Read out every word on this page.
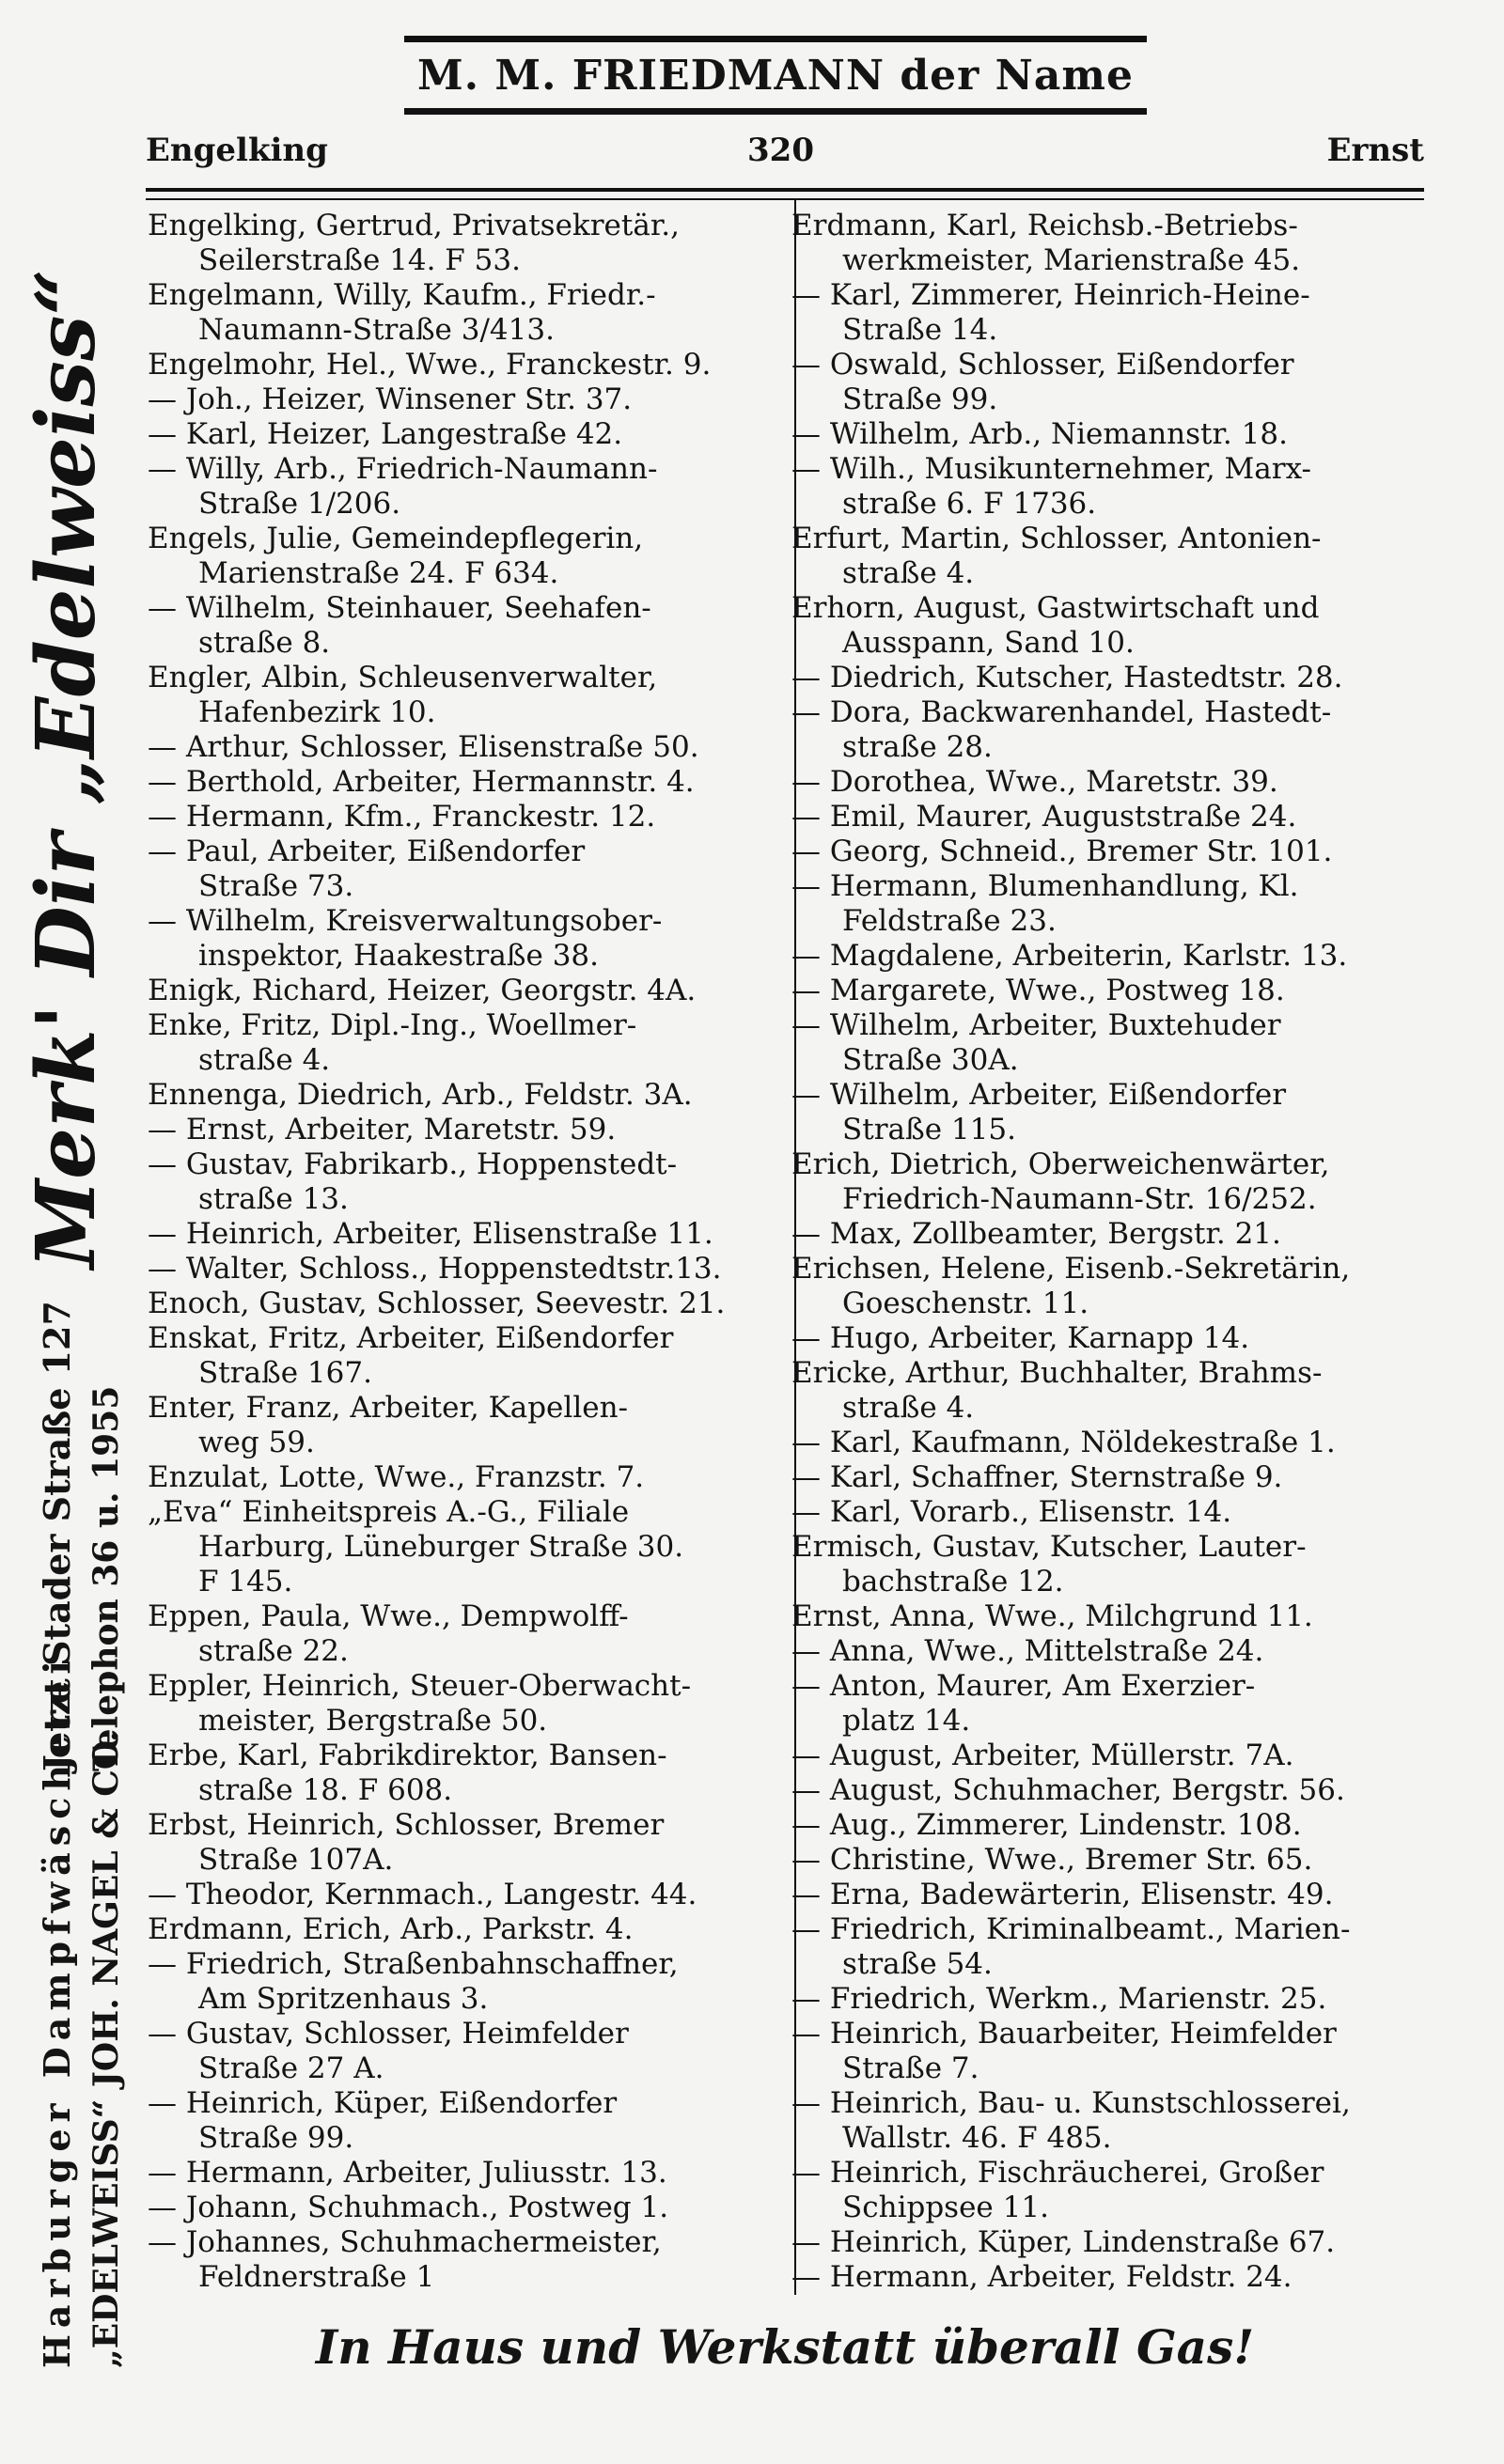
M. M. FRIEDMANN der Name
Engelking	320	Ernst
Merk' Dir „Edelweiss“
Jetzt Stader Straße 127 Telephon 36 u. 1955
Harburger Dampfwäscherei „EDELWEISS“ JOH. NAGEL & CO.
Engelking, Gertrud, Privatsekretär.,
Seilerstraße 14. F 53.
Engelmann, Willy, Kaufm., Friedr.-
Naumann-Straße 3/413.
Engelmohr, Hel., Wwe., Franckestr. 9.
— Joh., Heizer, Winsener Str. 37.
— Karl, Heizer, Langestraße 42.
— Willy, Arb., Friedrich-Naumann-
Straße 1/206.
Engels, Julie, Gemeindepflegerin,
Marienstraße 24. F 634.
— Wilhelm, Steinhauer, Seehafen-
straße 8.
Engler, Albin, Schleusenverwalter,
Hafenbezirk 10.
— Arthur, Schlosser, Elisenstraße 50.
— Berthold, Arbeiter, Hermannstr. 4.
— Hermann, Kfm., Franckestr. 12.
— Paul, Arbeiter, Eißendorfer
Straße 73.
— Wilhelm, Kreisverwaltungsober-
inspektor, Haakestraße 38.
Enigk, Richard, Heizer, Georgstr. 4A.
Enke, Fritz, Dipl.-Ing., Woellmer-
straße 4.
Ennenga, Diedrich, Arb., Feldstr. 3A.
— Ernst, Arbeiter, Maretstr. 59.
— Gustav, Fabrikarb., Hoppenstedt-
straße 13.
— Heinrich, Arbeiter, Elisenstraße 11.
— Walter, Schloss., Hoppenstedtstr.13.
Enoch, Gustav, Schlosser, Seevestr. 21.
Enskat, Fritz, Arbeiter, Eißendorfer
Straße 167.
Enter, Franz, Arbeiter, Kapellen-
weg 59.
Enzulat, Lotte, Wwe., Franzstr. 7.
„Eva“ Einheitspreis A.-G., Filiale
Harburg, Lüneburger Straße 30.
F 145.
Eppen, Paula, Wwe., Dempwolff-
straße 22.
Eppler, Heinrich, Steuer-Oberwacht-
meister, Bergstraße 50.
Erbe, Karl, Fabrikdirektor, Bansen-
straße 18. F 608.
Erbst, Heinrich, Schlosser, Bremer
Straße 107A.
— Theodor, Kernmach., Langestr. 44.
Erdmann, Erich, Arb., Parkstr. 4.
— Friedrich, Straßenbahnschaffner,
Am Spritzenhaus 3.
— Gustav, Schlosser, Heimfelder
Straße 27 A.
— Heinrich, Küper, Eißendorfer
Straße 99.
— Hermann, Arbeiter, Juliusstr. 13.
— Johann, Schuhmach., Postweg 1.
— Johannes, Schuhmachermeister,
Feldnerstraße 1
Erdmann, Karl, Reichsb.-Betriebs-
werkmeister, Marienstraße 45.
— Karl, Zimmerer, Heinrich-Heine-
Straße 14.
— Oswald, Schlosser, Eißendorfer
Straße 99.
— Wilhelm, Arb., Niemannstr. 18.
— Wilh., Musikunternehmer, Marx-
straße 6. F 1736.
Erfurt, Martin, Schlosser, Antonien-
straße 4.
Erhorn, August, Gastwirtschaft und
Ausspann, Sand 10.
— Diedrich, Kutscher, Hastedtstr. 28.
— Dora, Backwarenhandel, Hastedt-
straße 28.
— Dorothea, Wwe., Maretstr. 39.
— Emil, Maurer, Auguststraße 24.
— Georg, Schneid., Bremer Str. 101.
— Hermann, Blumenhandlung, Kl.
Feldstraße 23.
— Magdalene, Arbeiterin, Karlstr. 13.
— Margarete, Wwe., Postweg 18.
— Wilhelm, Arbeiter, Buxtehuder
Straße 30A.
— Wilhelm, Arbeiter, Eißendorfer
Straße 115.
Erich, Dietrich, Oberweichenwärter,
Friedrich-Naumann-Str. 16/252.
— Max, Zollbeamter, Bergstr. 21.
Erichsen, Helene, Eisenb.-Sekretärin,
Goeschenstr. 11.
— Hugo, Arbeiter, Karnapp 14.
Ericke, Arthur, Buchhalter, Brahms-
straße 4.
— Karl, Kaufmann, Nöldekestraße 1.
— Karl, Schaffner, Sternstraße 9.
— Karl, Vorarb., Elisenstr. 14.
Ermisch, Gustav, Kutscher, Lauter-
bachstraße 12.
Ernst, Anna, Wwe., Milchgrund 11.
— Anna, Wwe., Mittelstraße 24.
— Anton, Maurer, Am Exerzier-
platz 14.
— August, Arbeiter, Müllerstr. 7A.
— August, Schuhmacher, Bergstr. 56.
— Aug., Zimmerer, Lindenstr. 108.
— Christine, Wwe., Bremer Str. 65.
— Erna, Badewärterin, Elisenstr. 49.
— Friedrich, Kriminalbeamt., Marien-
straße 54.
— Friedrich, Werkm., Marienstr. 25.
— Heinrich, Bauarbeiter, Heimfelder
Straße 7.
— Heinrich, Bau- u. Kunstschlosserei,
Wallstr. 46. F 485.
— Heinrich, Fischräucherei, Großer
Schippsee 11.
— Heinrich, Küper, Lindenstraße 67.
— Hermann, Arbeiter, Feldstr. 24.
In Haus und Werkstatt überall Gas!
